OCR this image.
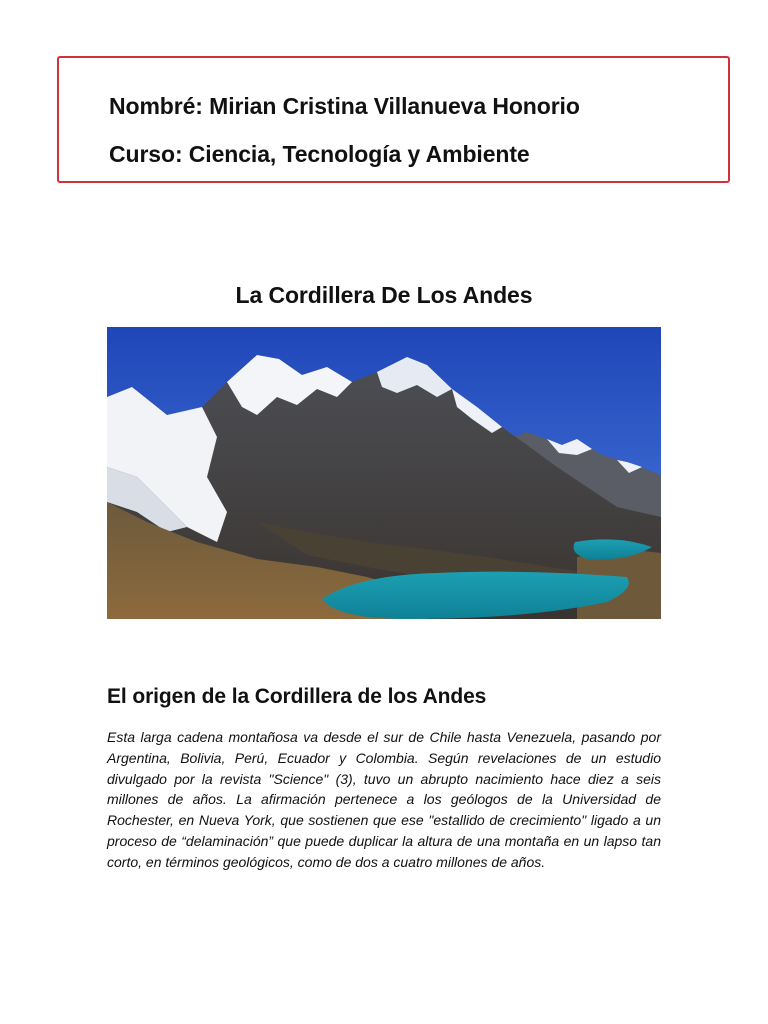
Nombré: Mirian Cristina Villanueva Honorio
Curso: Ciencia, Tecnología y Ambiente
La Cordillera De Los Andes
El origen de la Cordillera de los Andes

Esta larga cadena montañosa va desde el sur de Chile hasta Venezuela, pasando por Argentina, Bolivia, Perú, Ecuador y Colombia. Según revelaciones de un estudio divulgado por la revista "Science" (3), tuvo un abrupto nacimiento hace diez a seis millones de años. La afirmación pertenece a los geólogos de la Universidad de Rochester, en Nueva York, que sostienen que ese "estallido de crecimiento" ligado a un proceso de “delaminación” que puede duplicar la altura de una montaña en un lapso tan corto, en términos geológicos, como de dos a cuatro millones de años.
